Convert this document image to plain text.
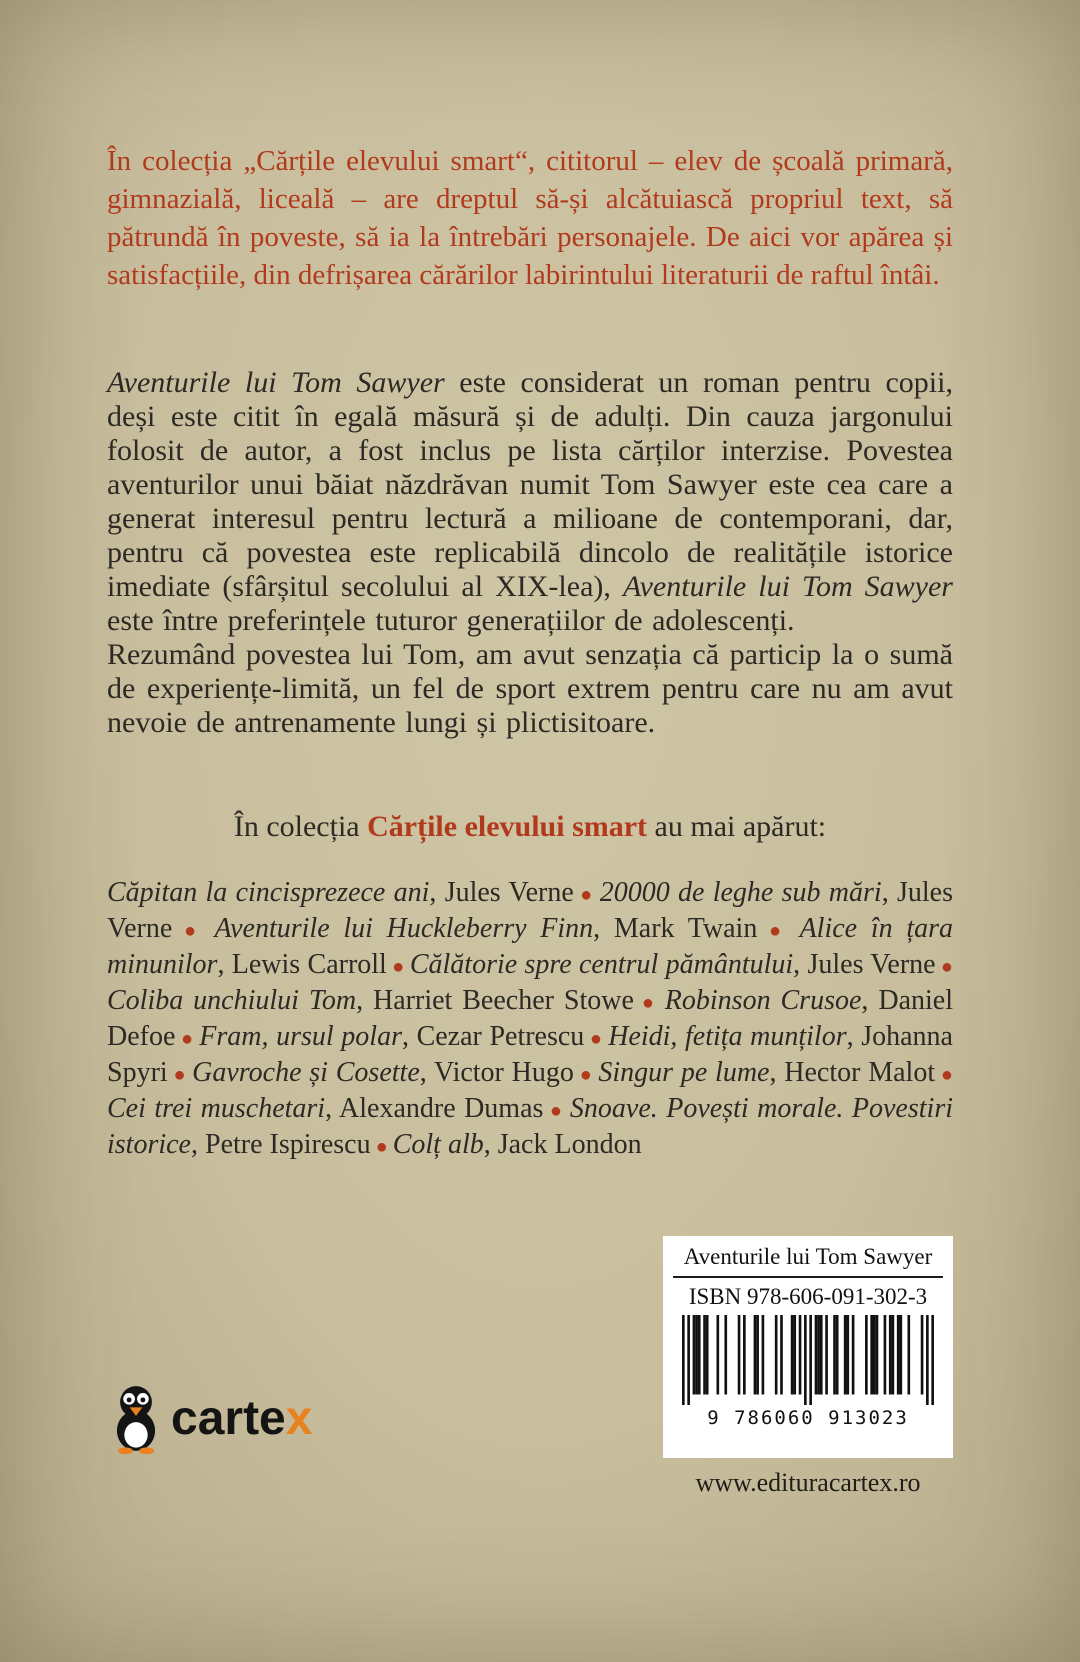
În colecția „Cărțile elevului smart“, cititorul – elev de școală primară, gimnazială, liceală – are dreptul să-și alcătuiască propriul text, să pătrundă în poveste, să ia la întrebări personajele. De aici vor apărea și satisfacțiile, din defrișarea cărărilor labirintului literaturii de raftul întâi.

Aventurile lui Tom Sawyer este considerat un roman pentru copii, deși este citit în egală măsură și de adulți. Din cauza jargonului folosit de autor, a fost inclus pe lista cărților interzise. Povestea aventurilor unui băiat năzdrăvan numit Tom Sawyer este cea care a generat interesul pentru lectură a milioane de contemporani, dar, pentru că povestea este replicabilă dincolo de realitățile istorice imediate (sfârșitul secolului al XIX-lea), Aventurile lui Tom Sawyer este între preferințele tuturor generațiilor de adolescenți.

Rezumând povestea lui Tom, am avut senzația că particip la o sumă de experiențe-limită, un fel de sport extrem pentru care nu am avut nevoie de antrenamente lungi și plictisitoare.

În colecția Cărțile elevului smart au mai apărut:

Căpitan la cincisprezece ani, Jules Verne ● 20000 de leghe sub mări, Jules Verne ● Aventurile lui Huckleberry Finn, Mark Twain ● Alice în țara minunilor, Lewis Carroll ● Călătorie spre centrul pământului, Jules Verne ● Coliba unchiului Tom, Harriet Beecher Stowe ● Robinson Crusoe, Daniel Defoe ● Fram, ursul polar, Cezar Petrescu ● Heidi, fetița munților, Johanna Spyri ● Gavroche și Cosette, Victor Hugo ● Singur pe lume, Hector Malot ● Cei trei muschetari, Alexandre Dumas ● Snoave. Povești morale. Povestiri istorice, Petre Ispirescu ● Colț alb, Jack London

Aventurile lui Tom Sawyer
ISBN 978-606-091-302-3
9 786060 913023
www.edituracartex.ro
cartex
